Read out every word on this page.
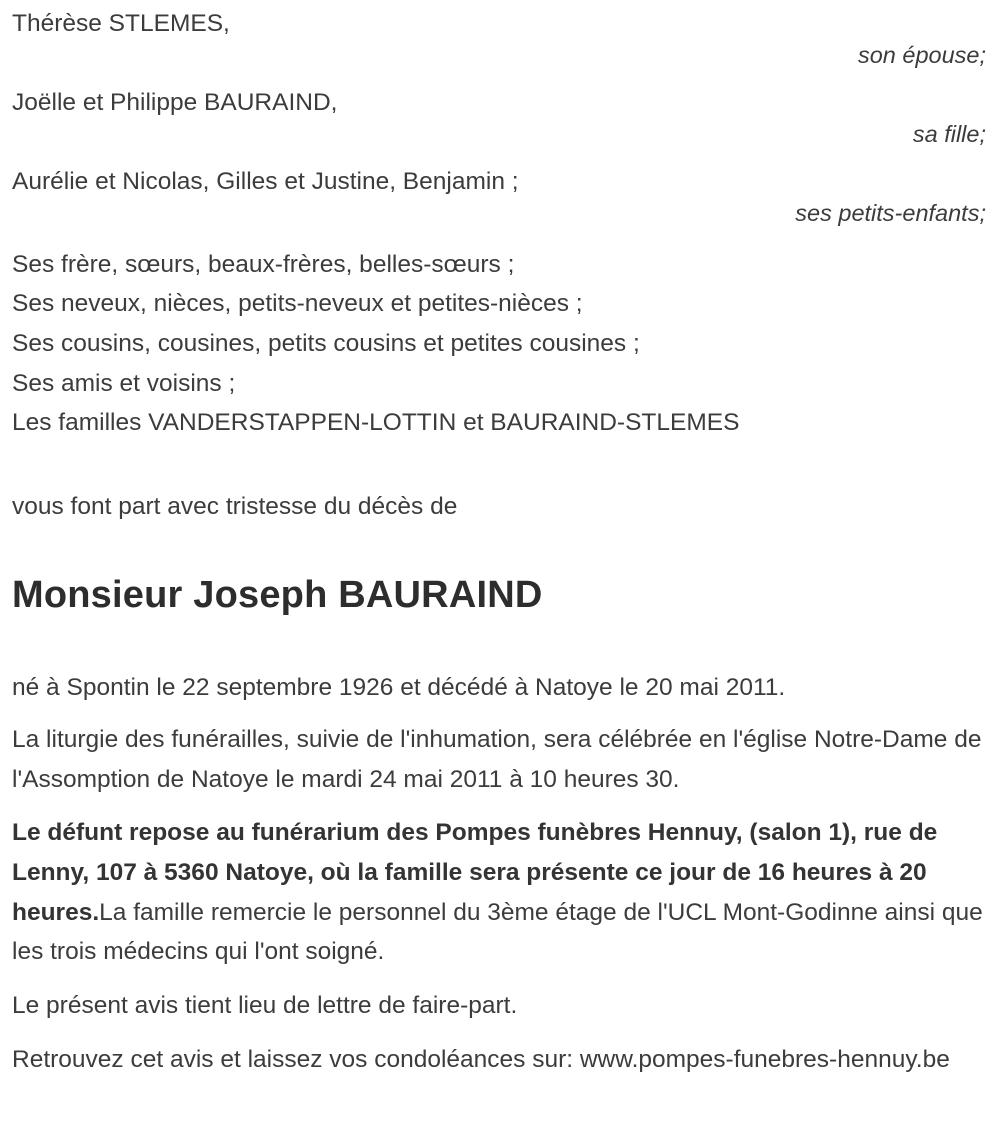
Thérèse STLEMES,

son épouse;

Joëlle et Philippe BAURAIND,

sa fille;

Aurélie et Nicolas, Gilles et Justine, Benjamin ;

ses petits-enfants;

Ses frère, sœurs, beaux-frères, belles-sœurs ;

Ses neveux, nièces, petits-neveux et petites-nièces ;

Ses cousins, cousines, petits cousins et petites cousines ;

Ses amis et voisins ;

Les familles VANDERSTAPPEN-LOTTIN et BAURAIND-STLEMES

vous font part avec tristesse du décès de

Monsieur Joseph BAURAIND

né à Spontin le 22 septembre 1926 et décédé à Natoye le 20 mai 2011.

La liturgie des funérailles, suivie de l'inhumation, sera célébrée en l'église Notre-Dame de l'Assomption de Natoye le mardi 24 mai 2011 à 10 heures 30.

Le défunt repose au funérarium des Pompes funèbres Hennuy, (salon 1), rue de Lenny, 107 à 5360 Natoye, où la famille sera présente ce jour de 16 heures à 20 heures.La famille remercie le personnel du 3ème étage de l'UCL Mont-Godinne ainsi que les trois médecins qui l'ont soigné.

Le présent avis tient lieu de lettre de faire-part.

Retrouvez cet avis et laissez vos condoléances sur: www.pompes-funebres-hennuy.be
